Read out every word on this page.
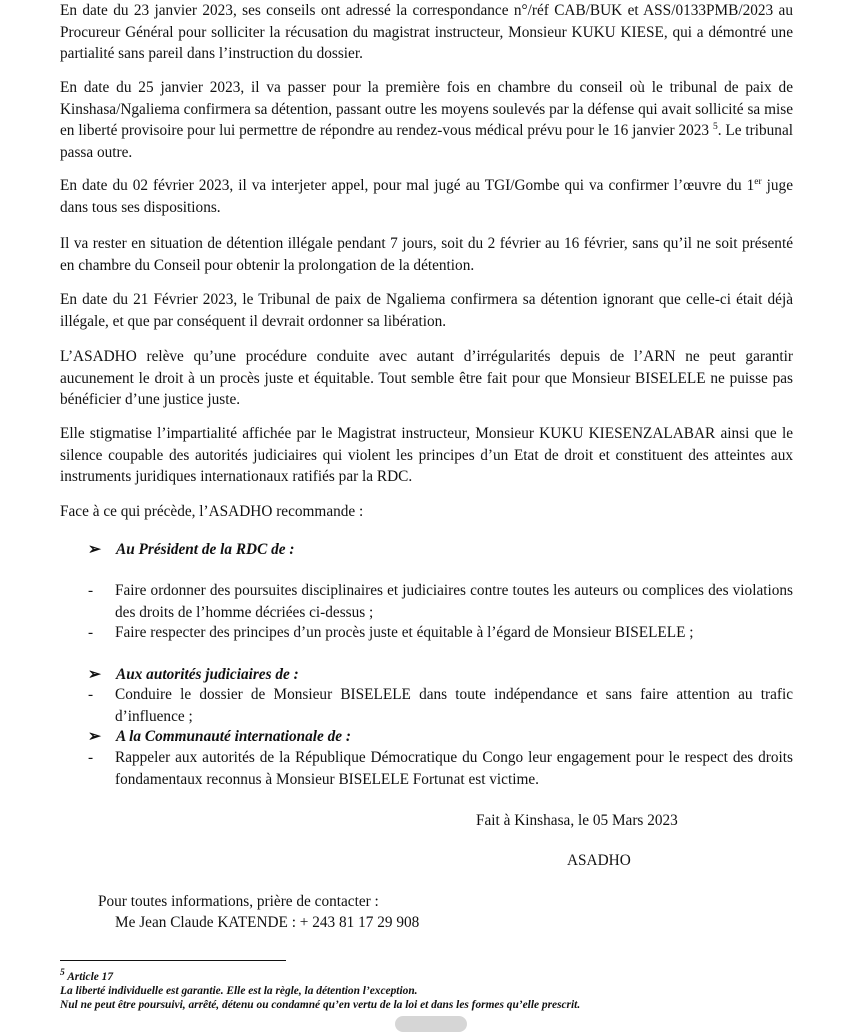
En date du 23 janvier 2023, ses conseils ont adressé la correspondance n°/réf CAB/BUK et ASS/0133PMB/2023 au Procureur Général pour solliciter la récusation du magistrat instructeur, Monsieur KUKU KIESE, qui a démontré une partialité sans pareil dans l’instruction du dossier.

En date du 25 janvier 2023, il va passer pour la première fois en chambre du conseil où le tribunal de paix de Kinshasa/Ngaliema confirmera sa détention, passant outre les moyens soulevés par la défense qui avait sollicité sa mise en liberté provisoire pour lui permettre de répondre au rendez-vous médical prévu pour le 16 janvier 2023 $^5$. Le tribunal passa outre.

En date du 02 février 2023, il va interjeter appel, pour mal jugé au TGI/Gombe qui va confirmer l’œuvre du 1er juge dans tous ses dispositions.

Il va rester en situation de détention illégale pendant 7 jours, soit du 2 février au 16 février, sans qu’il ne soit présenté en chambre du Conseil pour obtenir la prolongation de la détention.

En date du 21 Février 2023, le Tribunal de paix de Ngaliema confirmera sa détention ignorant que celle-ci était déjà illégale, et que par conséquent il devrait ordonner sa libération.

L’ASADHO relève qu’une procédure conduite avec autant d’irrégularités depuis de l’ARN ne peut garantir aucunement le droit à un procès juste et équitable. Tout semble être fait pour que Monsieur BISELELE ne puisse pas bénéficier d’une justice juste.

Elle stigmatise l’impartialité affichée par le Magistrat instructeur, Monsieur KUKU KIESENZALABAR ainsi que le silence coupable des autorités judiciaires qui violent les principes d’un Etat de droit et constituent des atteintes aux instruments juridiques internationaux ratifiés par la RDC.

Face à ce qui précède, l’ASADHO recommande :

➢ Au Président de la RDC de :

- Faire ordonner des poursuites disciplinaires et judiciaires contre toutes les auteurs ou complices des violations des droits de l’homme décriées ci-dessus ;
- Faire respecter des principes d’un procès juste et équitable à l’égard de Monsieur BISELELE ;

➢ Aux autorités judiciaires de :

- Conduire le dossier de Monsieur BISELELE dans toute indépendance et sans faire attention au trafic d’influence ;

➢ A la Communauté internationale de :

- Rappeler aux autorités de la République Démocratique du Congo leur engagement pour le respect des droits fondamentaux reconnus à Monsieur BISELELE Fortunat est victime.

Fait à Kinshasa, le 05 Mars 2023

ASADHO

Pour toutes informations, prière de contacter :

Me Jean Claude KATENDE : + 243 81 17 29 908

$^5$ Article 17

La liberté individuelle est garantie. Elle est la règle, la détention l’exception.

Nul ne peut être poursuivi, arrêté, détenu ou condamné qu’en vertu de la loi et dans les formes qu’elle prescrit.
